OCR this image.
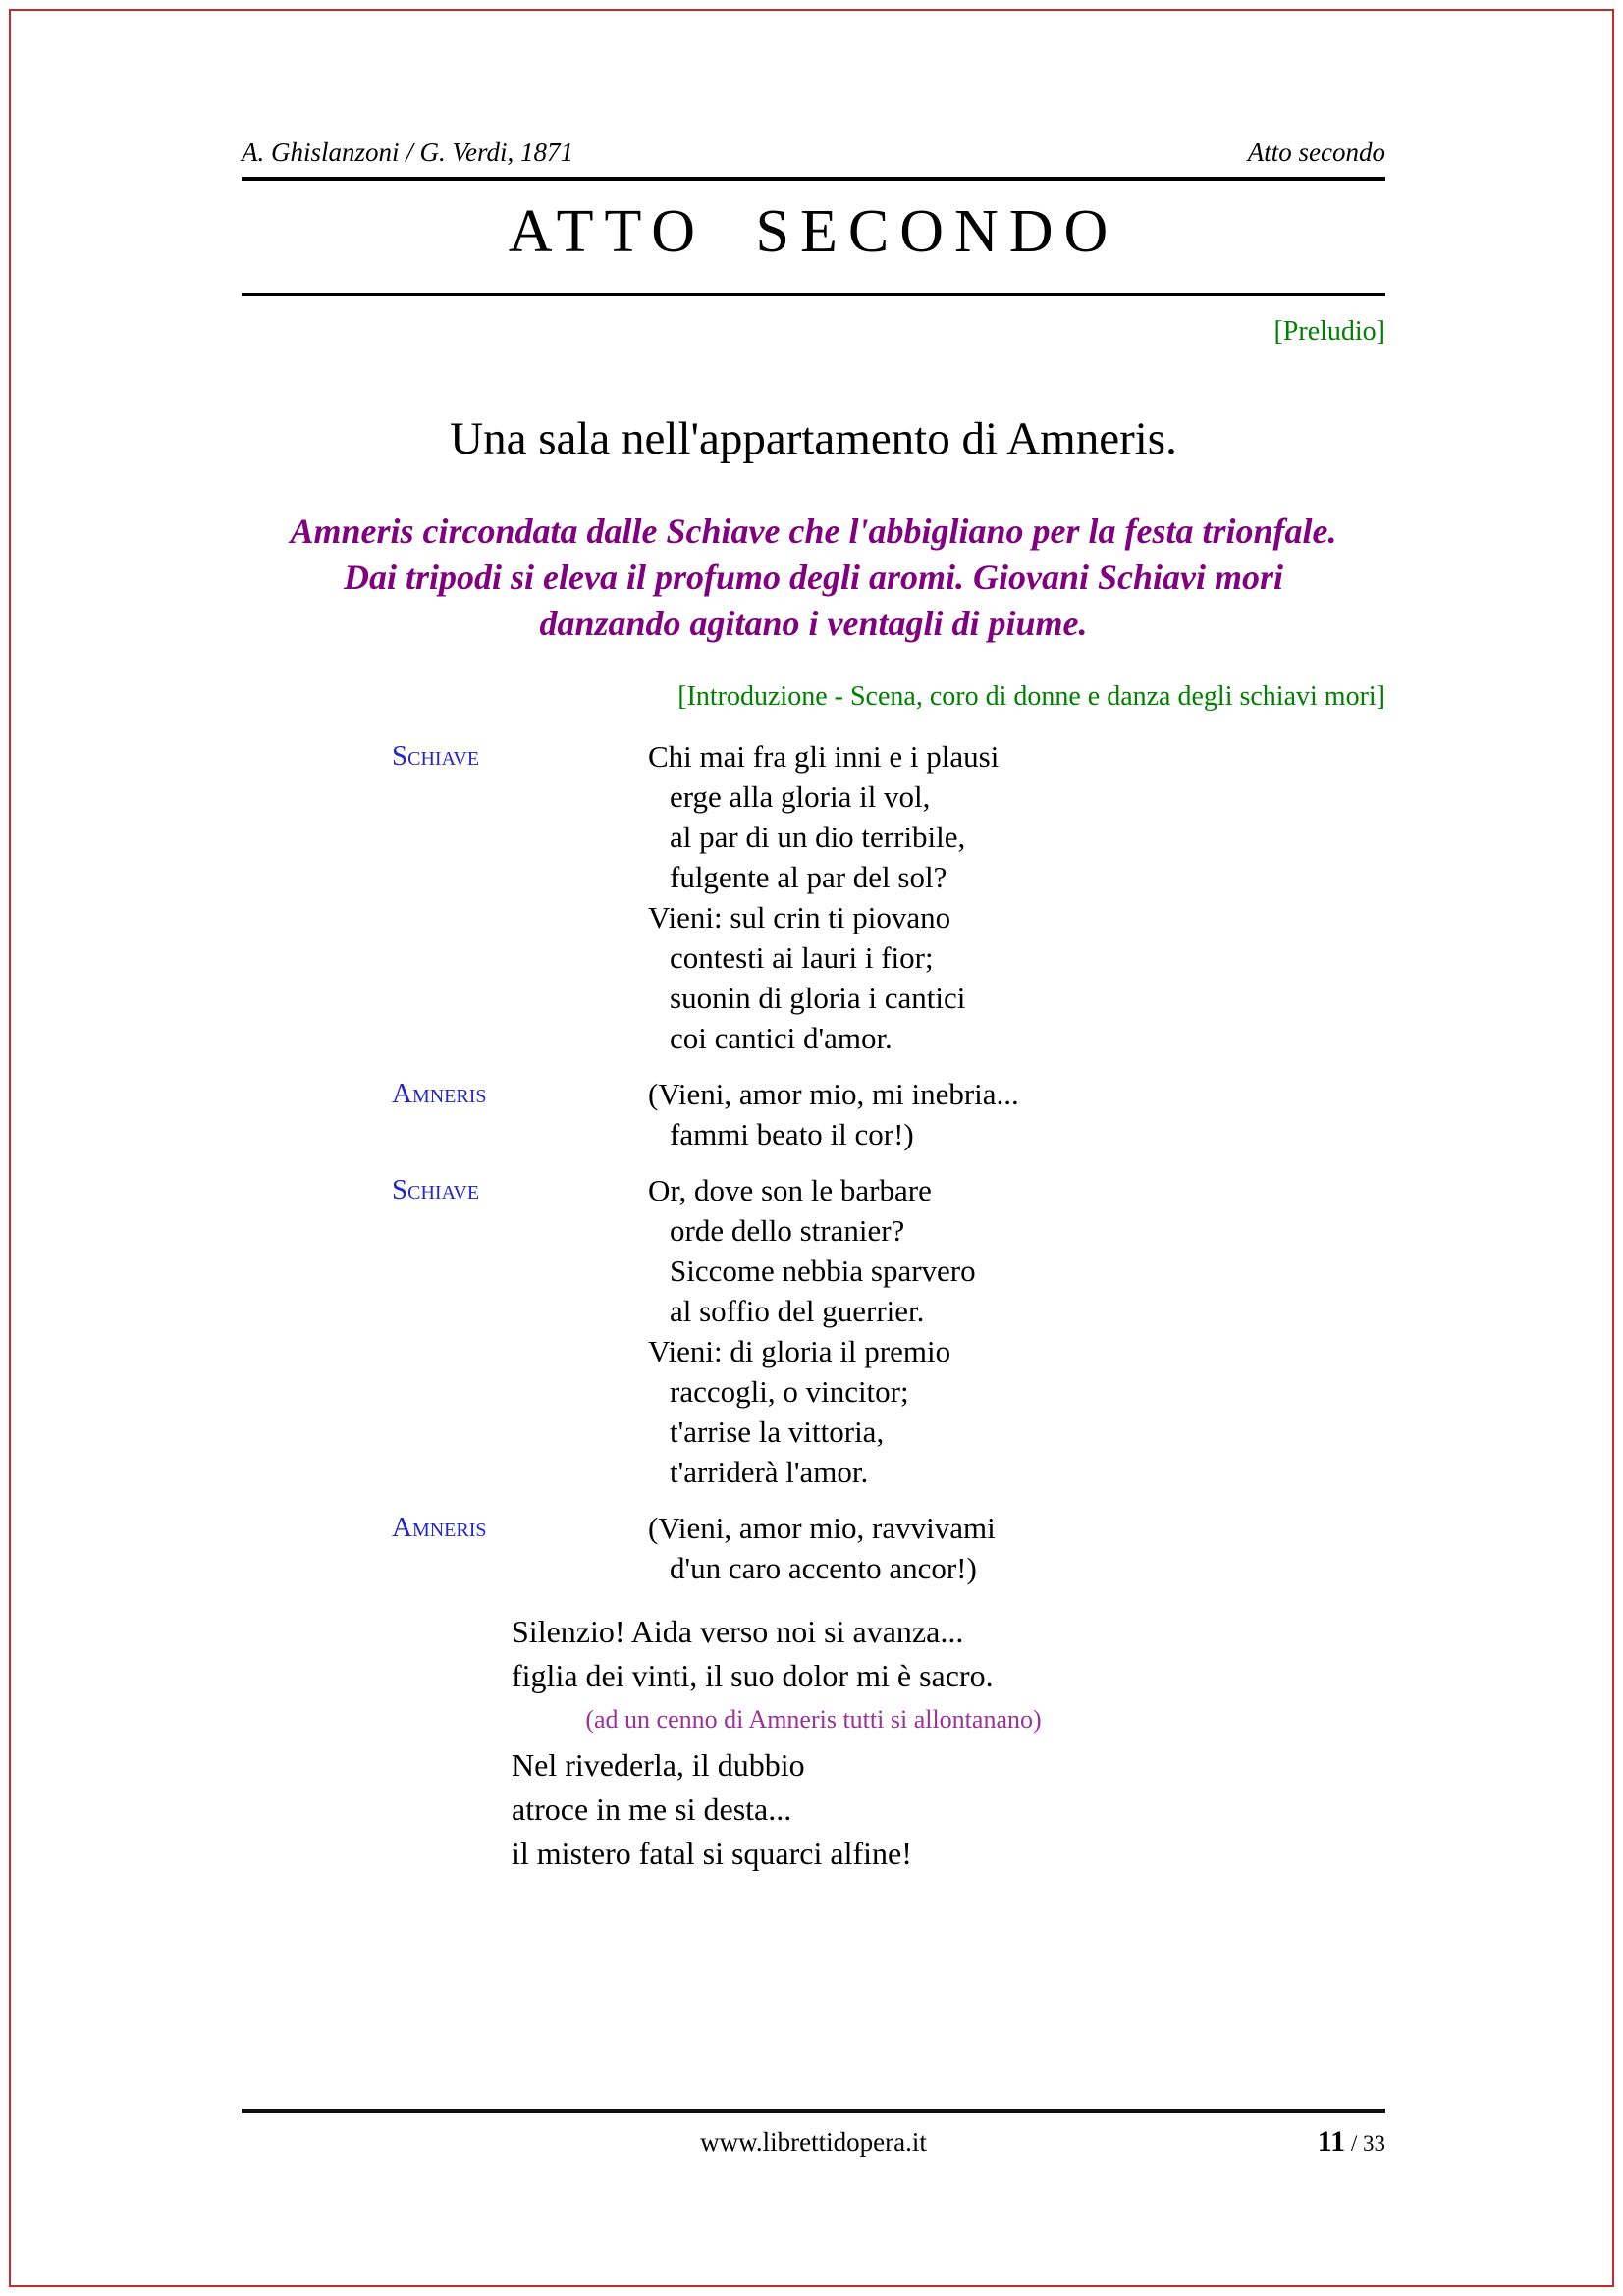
A. Ghislanzoni / G. Verdi, 1871	Atto secondo
ATTO SECONDO
[Preludio]
Una sala nell'appartamento di Amneris.
Amneris circondata dalle Schiave che l'abbigliano per la festa trionfale.
Dai tripodi si eleva il profumo degli aromi. Giovani Schiavi mori
danzando agitano i ventagli di piume.
[Introduzione - Scena, coro di donne e danza degli schiavi mori]
Schiave	Chi mai fra gli inni e i plausi
erge alla gloria il vol,
al par di un dio terribile,
fulgente al par del sol?
Vieni: sul crin ti piovano
contesti ai lauri i fior;
suonin di gloria i cantici
coi cantici d'amor.
Amneris	(Vieni, amor mio, mi inebria...
fammi beato il cor!)
Schiave	Or, dove son le barbare
orde dello stranier?
Siccome nebbia sparvero
al soffio del guerrier.
Vieni: di gloria il premio
raccogli, o vincitor;
t'arrise la vittoria,
t'arriderà l'amor.
Amneris	(Vieni, amor mio, ravvivami
d'un caro accento ancor!)
Silenzio! Aida verso noi si avanza...
figlia dei vinti, il suo dolor mi è sacro.
(ad un cenno di Amneris tutti si allontanano)
Nel rivederla, il dubbio
atroce in me si desta...
il mistero fatal si squarci alfine!
www.librettidopera.it	11 / 33
